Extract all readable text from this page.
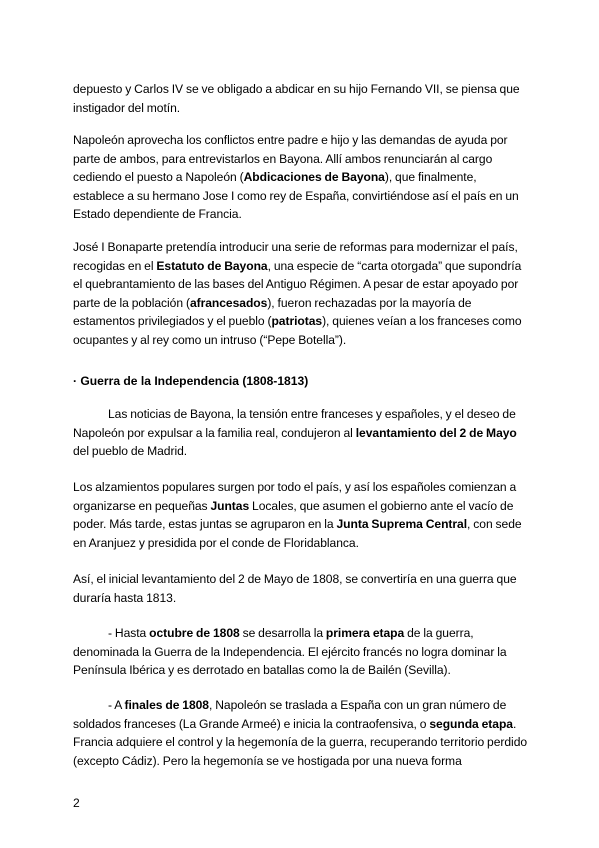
depuesto y Carlos IV se ve obligado a abdicar en su hijo Fernando VII, se piensa que instigador del motín.

Napoleón aprovecha los conflictos entre padre e hijo y las demandas de ayuda por parte de ambos, para entrevistarlos en Bayona. Allí ambos renunciarán al cargo cediendo el puesto a Napoleón (Abdicaciones de Bayona), que finalmente, establece a su hermano Jose I como rey de España, convirtiéndose así el país en un Estado dependiente de Francia.

José I Bonaparte pretendía introducir una serie de reformas para modernizar el país, recogidas en el Estatuto de Bayona, una especie de “carta otorgada” que supondría el quebrantamiento de las bases del Antiguo Régimen. A pesar de estar apoyado por parte de la población (afrancesados), fueron rechazadas por la mayoría de estamentos privilegiados y el pueblo (patriotas), quienes veían a los franceses como ocupantes y al rey como un intruso (“Pepe Botella”).

· Guerra de la Independencia (1808-1813)

Las noticias de Bayona, la tensión entre franceses y españoles, y el deseo de Napoleón por expulsar a la familia real, condujeron al levantamiento del 2 de Mayo del pueblo de Madrid.

Los alzamientos populares surgen por todo el país, y así los españoles comienzan a organizarse en pequeñas Juntas Locales, que asumen el gobierno ante el vacío de poder. Más tarde, estas juntas se agruparon en la Junta Suprema Central, con sede en Aranjuez y presidida por el conde de Floridablanca.

Así, el inicial levantamiento del 2 de Mayo de 1808, se convertiría en una guerra que duraría hasta 1813.

- Hasta octubre de 1808 se desarrolla la primera etapa de la guerra, denominada la Guerra de la Independencia. El ejército francés no logra dominar la Península Ibérica y es derrotado en batallas como la de Bailén (Sevilla).

- A finales de 1808, Napoleón se traslada a España con un gran número de soldados franceses (La Grande Armeé) e inicia la contraofensiva, o segunda etapa. Francia adquiere el control y la hegemonía de la guerra, recuperando territorio perdido (excepto Cádiz). Pero la hegemonía se ve hostigada por una nueva forma

2
